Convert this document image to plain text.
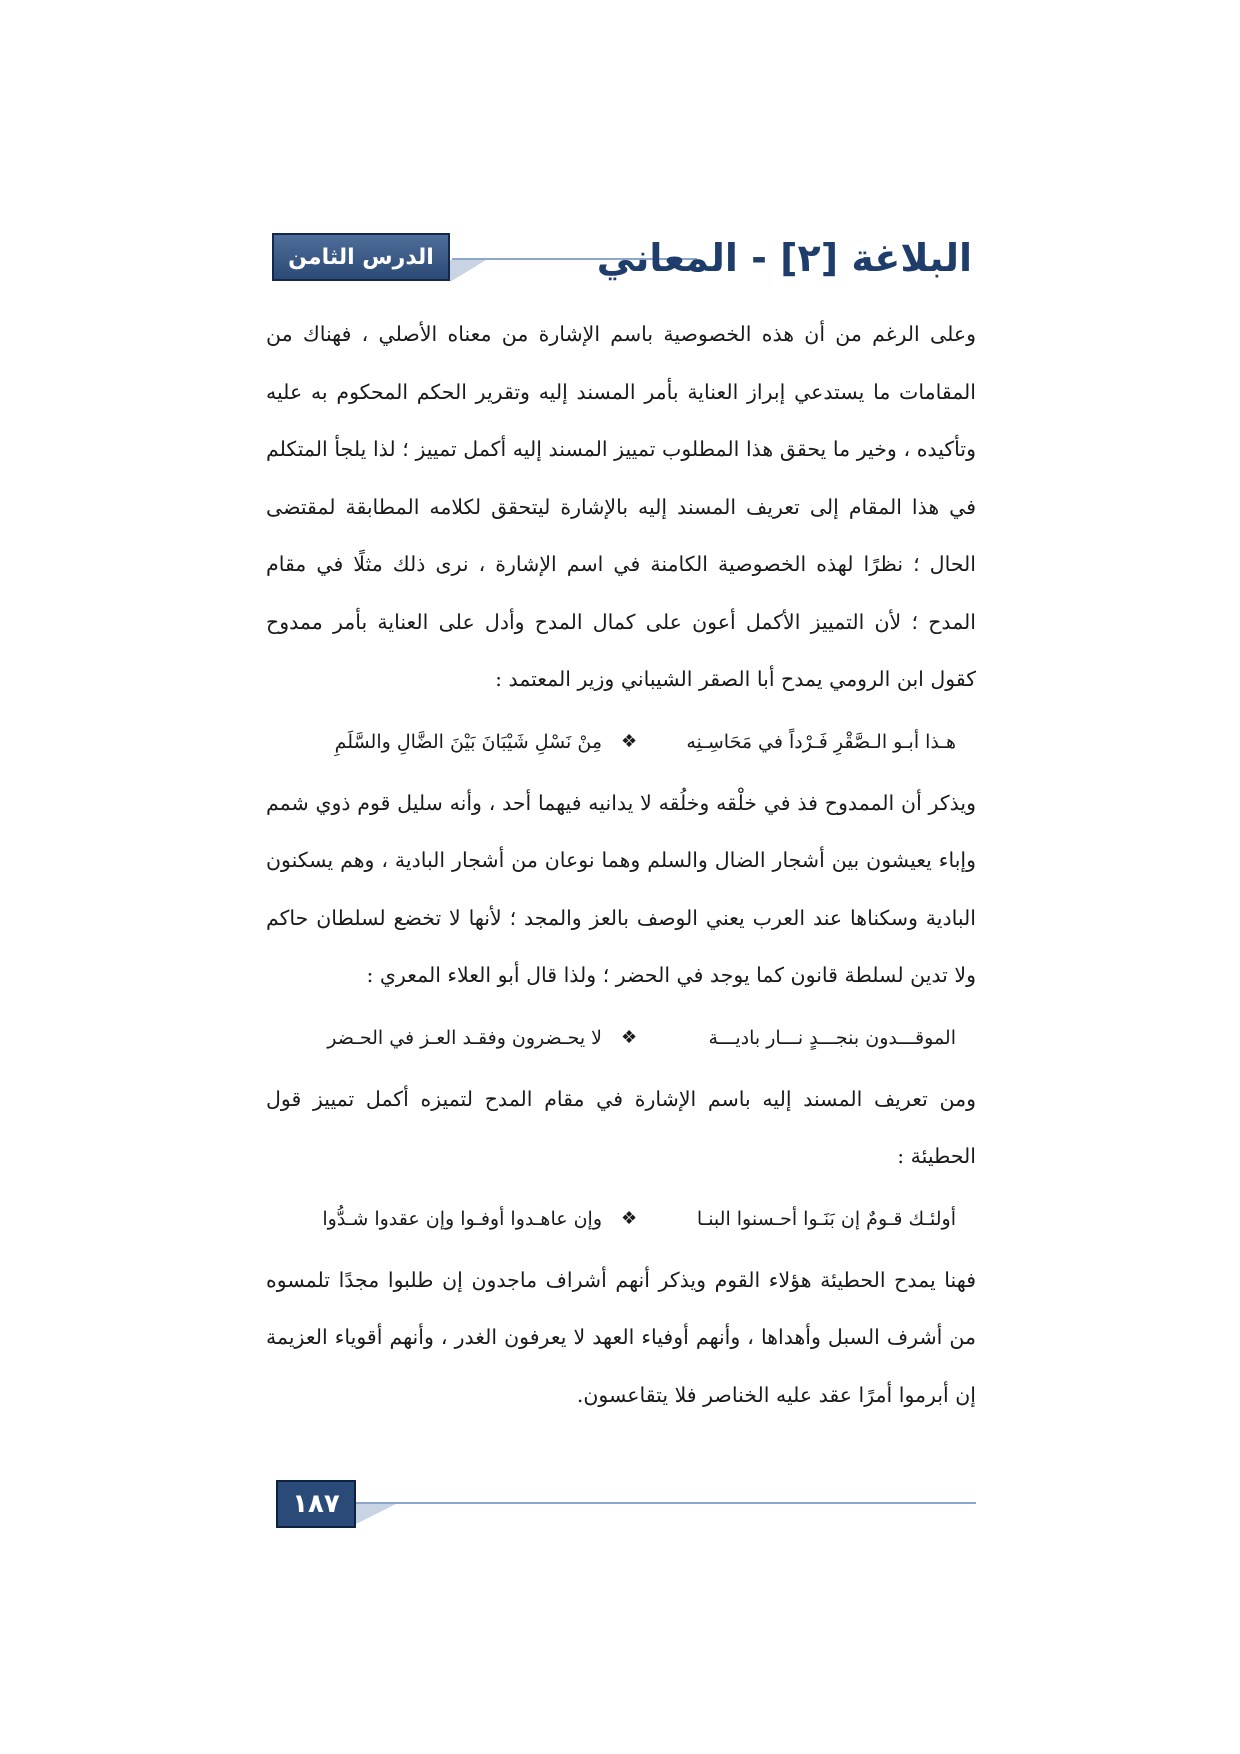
الدرس الثامن	البلاغة [٢] - المعاني

وعلى الرغم من أن هذه الخصوصية باسم الإشارة من معناه الأصلي ، فهناك من المقامات ما يستدعي إبراز العناية بأمر المسند إليه وتقرير الحكم المحكوم به عليه وتأكيده ، وخير ما يحقق هذا المطلوب تمييز المسند إليه أكمل تمييز ؛ لذا يلجأ المتكلم في هذا المقام إلى تعريف المسند إليه بالإشارة ليتحقق لكلامه المطابقة لمقتضى الحال ؛ نظرًا لهذه الخصوصية الكامنة في اسم الإشارة ، نرى ذلك مثلًا في مقام المدح ؛ لأن التمييز الأكمل أعون على كمال المدح وأدل على العناية بأمر ممدوح كقول ابن الرومي يمدح أبا الصقر الشيباني وزير المعتمد :

هـذا أبـو الـصَّقْرِ فَـرْداً في مَحَاسِـنِه
❖
مِنْ نَسْلِ شَيْبَانَ بَيْنَ الضَّالِ والسَّلَمِ

ويذكر أن الممدوح فذ في خلْقه وخلُقه لا يدانيه فيهما أحد ، وأنه سليل قوم ذوي شمم وإباء يعيشون بين أشجار الضال والسلم وهما نوعان من أشجار البادية ، وهم يسكنون البادية وسكناها عند العرب يعني الوصف بالعز والمجد ؛ لأنها لا تخضع لسلطان حاكم ولا تدين لسلطة قانون كما يوجد في الحضر ؛ ولذا قال أبو العلاء المعري :

الموقـــدون بنجـــدٍ نـــار باديـــة
❖
لا يحـضرون وفقـد العـز في الحـضر

ومن تعريف المسند إليه باسم الإشارة في مقام المدح لتميزه أكمل تمييز قول الحطيئة :

أولئـك قـومٌ إن بَنَـوا أحـسنوا البنـا
❖
وإن عاهـدوا أوفـوا وإن عقدوا شـدُّوا

فهنا يمدح الحطيئة هؤلاء القوم ويذكر أنهم أشراف ماجدون إن طلبوا مجدًا تلمسوه من أشرف السبل وأهداها ، وأنهم أوفياء العهد لا يعرفون الغدر ، وأنهم أقوياء العزيمة إن أبرموا أمرًا عقد عليه الخناصر فلا يتقاعسون.

١٨٧
